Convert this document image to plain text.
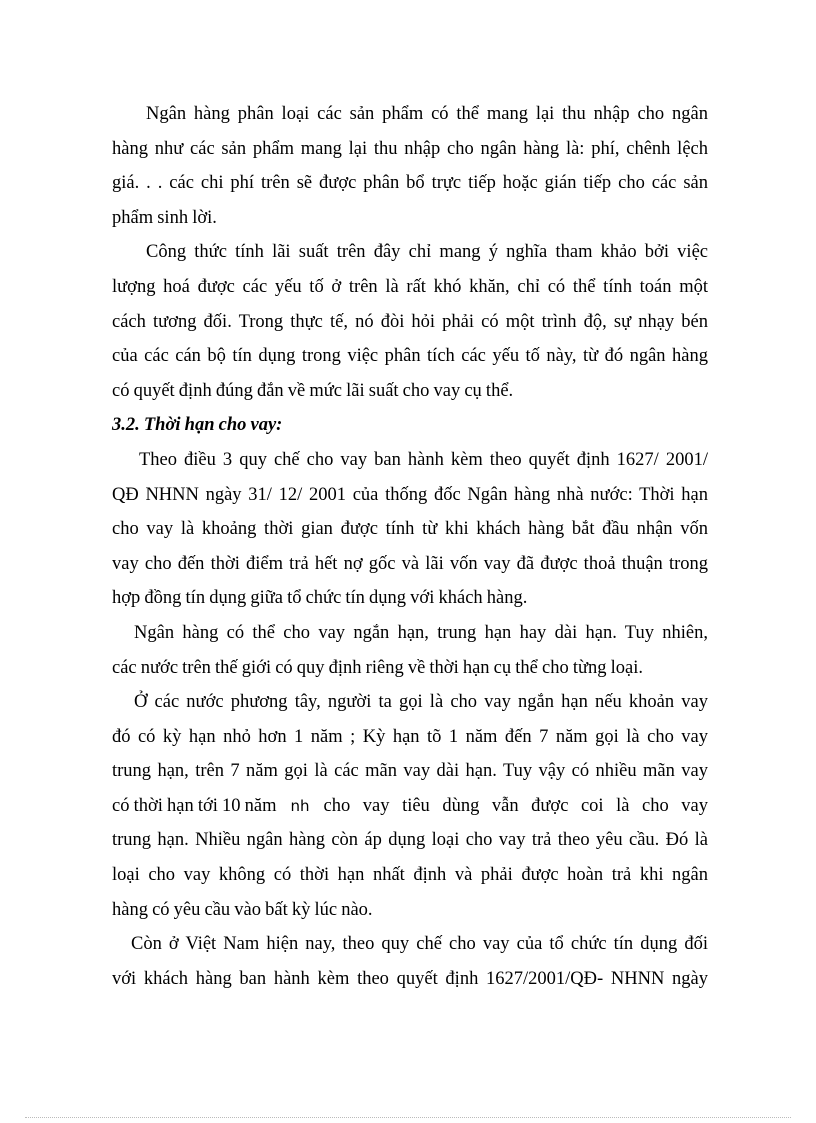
Ngân hàng phân loại các sản phẩm có thể mang lại thu nhập cho ngân
hàng như các sản phẩm mang lại thu nhập cho ngân hàng là: phí, chênh lệch
giá. . . các chi phí trên sẽ được phân bổ trực tiếp hoặc gián tiếp cho các sản
phẩm sinh lời.
Công thức tính lãi suất trên đây chỉ mang ý nghĩa tham khảo bởi việc
lượng hoá được các yếu tố ở trên là rất khó khăn, chỉ có thể tính toán một
cách tương đối. Trong thực tế, nó đòi hỏi phải có một trình độ, sự nhạy bén
của các cán bộ tín dụng trong việc phân tích các yếu tố này, từ đó ngân hàng
có quyết định đúng đắn về mức lãi suất cho vay cụ thể.
3.2. Thời hạn cho vay:
Theo điều 3 quy chế cho vay ban hành kèm theo quyết định 1627/ 2001/
QĐ NHNN ngày 31/ 12/ 2001 của thống đốc Ngân hàng nhà nước: Thời hạn
cho vay là khoảng thời gian được tính từ khi khách hàng bắt đầu nhận vốn
vay cho đến thời điểm trả hết nợ gốc và lãi vốn vay đã được thoả thuận trong
hợp đồng tín dụng giữa tổ chức tín dụng với khách hàng.
Ngân hàng có thể cho vay ngắn hạn, trung hạn hay dài hạn. Tuy nhiên,
các nước trên thế giới có quy định riêng về thời hạn cụ thể cho từng loại.
Ở các nước phương tây, người ta gọi là cho vay ngắn hạn nếu khoản vay
đó có kỳ hạn nhỏ hơn 1 năm ; Kỳ hạn tõ 1 năm đến 7 năm gọi là cho vay
trung hạn, trên 7 năm gọi là các mãn vay dài hạn. Tuy vậy có nhiều mãn vay
có thời hạn tới 10 năm nh cho vay tiêu dùng vẫn được coi là cho vay
trung hạn. Nhiều ngân hàng còn áp dụng loại cho vay trả theo yêu cầu. Đó là
loại cho vay không có thời hạn nhất định và phải được hoàn trả khi ngân
hàng có yêu cầu vào bất kỳ lúc nào.
Còn ở Việt Nam hiện nay, theo quy chế cho vay của tổ chức tín dụng đối
với khách hàng ban hành kèm theo quyết định 1627/2001/QĐ- NHNN ngày
